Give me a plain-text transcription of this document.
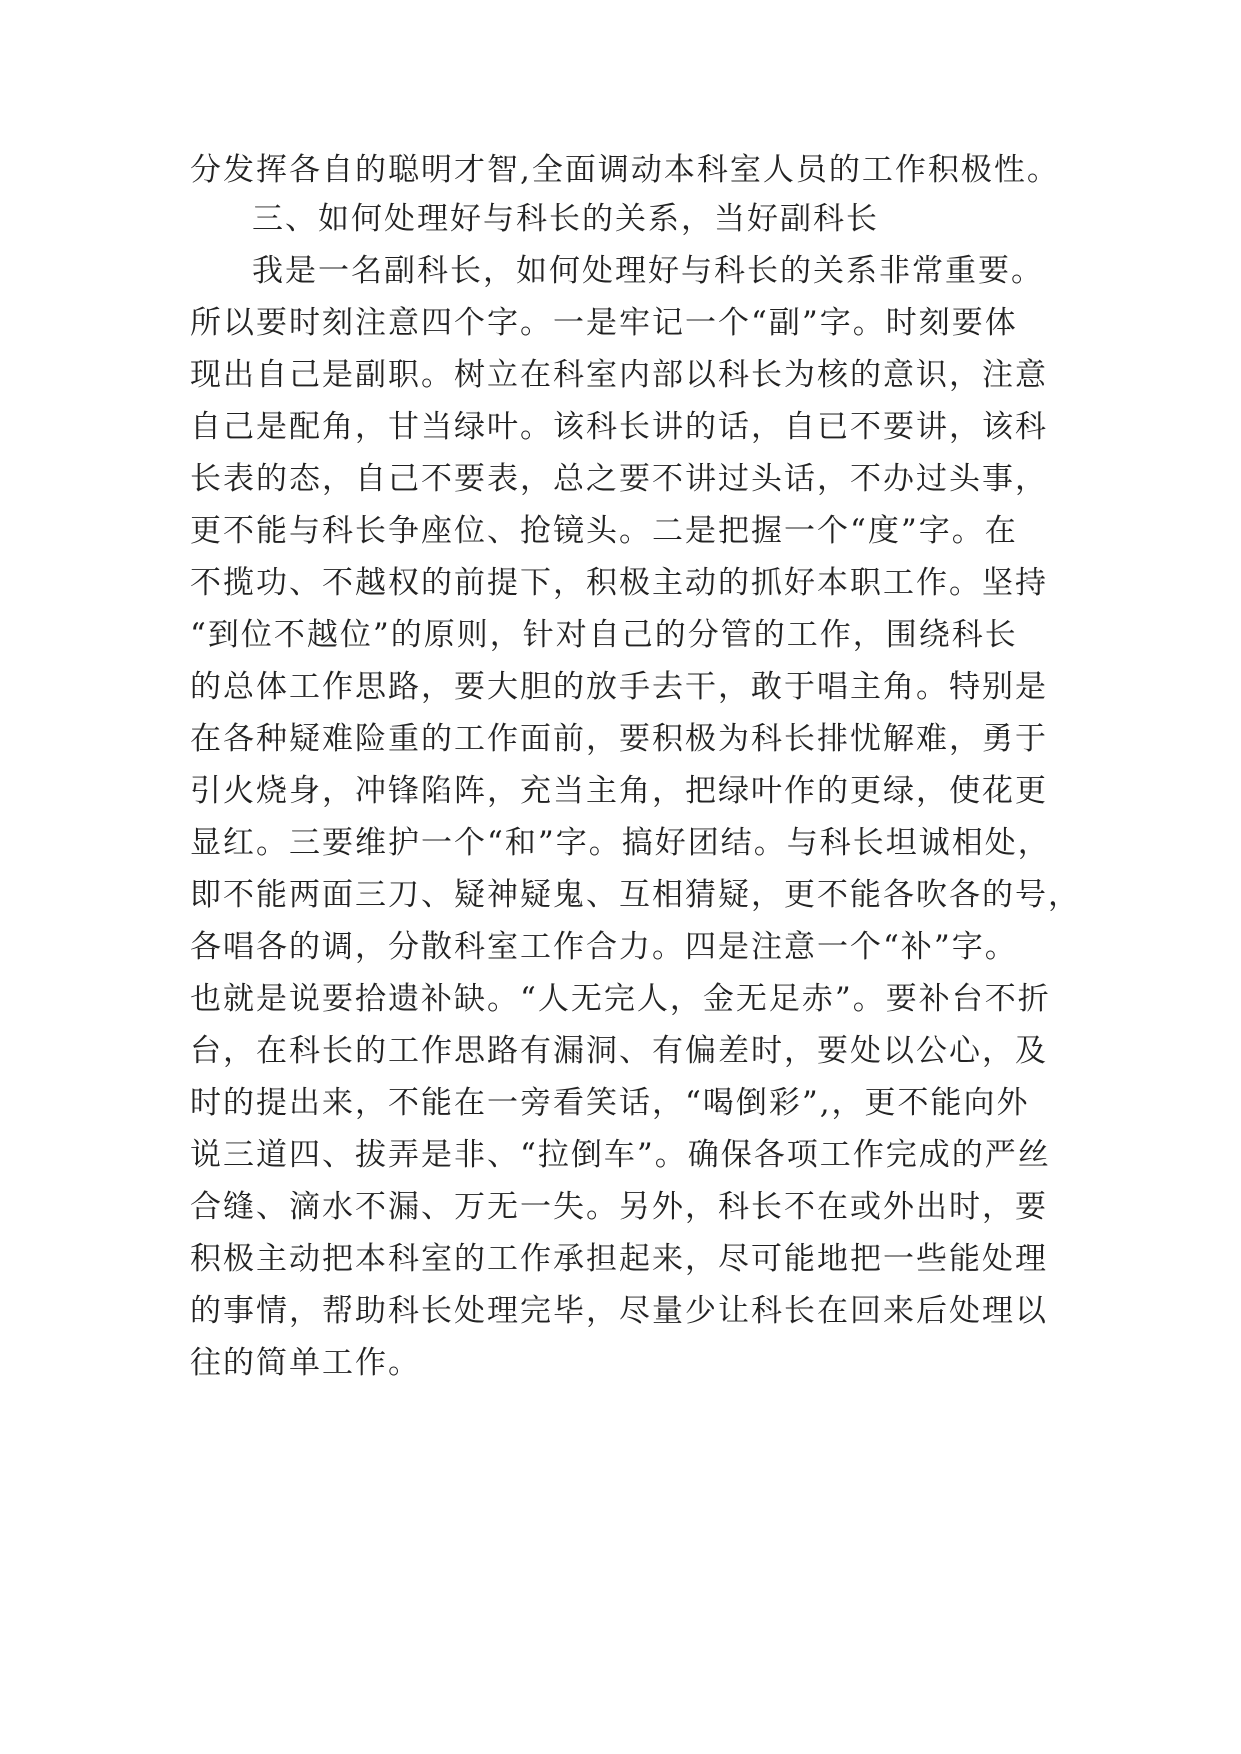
分发挥各自的聪明才智,全面调动本科室人员的工作积极性。
三、如何处理好与科长的关系，当好副科长
我是一名副科长，如何处理好与科长的关系非常重要。
所以要时刻注意四个字。一是牢记一个“副”字。时刻要体
现出自己是副职。树立在科室内部以科长为核的意识，注意
自己是配角，甘当绿叶。该科长讲的话，自已不要讲，该科
长表的态，自己不要表，总之要不讲过头话，不办过头事，
更不能与科长争座位、抢镜头。二是把握一个“度”字。在
不揽功、不越权的前提下，积极主动的抓好本职工作。坚持
“到位不越位”的原则，针对自己的分管的工作，围绕科长
的总体工作思路，要大胆的放手去干，敢于唱主角。特别是
在各种疑难险重的工作面前，要积极为科长排忧解难，勇于
引火烧身，冲锋陷阵，充当主角，把绿叶作的更绿，使花更
显红。三要维护一个“和”字。搞好团结。与科长坦诚相处，
即不能两面三刀、疑神疑鬼、互相猜疑，更不能各吹各的号，
各唱各的调，分散科室工作合力。四是注意一个“补”字。
也就是说要拾遗补缺。“人无完人，金无足赤”。要补台不折
台，在科长的工作思路有漏洞、有偏差时，要处以公心，及
时的提出来，不能在一旁看笑话，“喝倒彩”,，更不能向外
说三道四、拔弄是非、“拉倒车”。确保各项工作完成的严丝
合缝、滴水不漏、万无一失。另外，科长不在或外出时，要
积极主动把本科室的工作承担起来，尽可能地把一些能处理
的事情，帮助科长处理完毕，尽量少让科长在回来后处理以
往的简单工作。
